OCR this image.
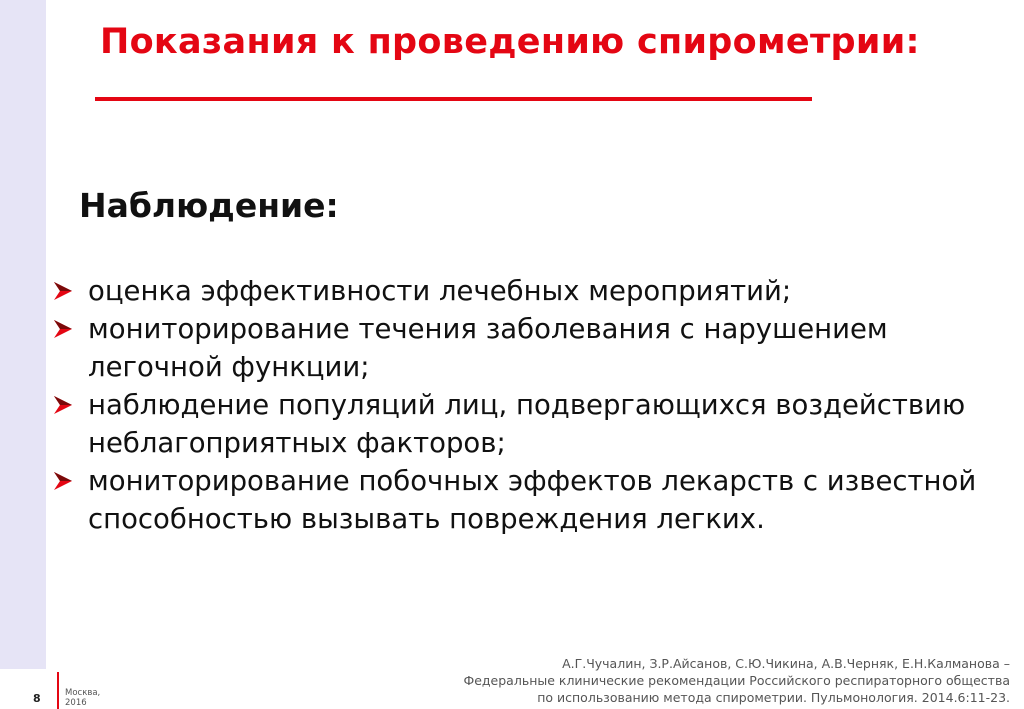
Показания к проведению спирометрии:
Наблюдение:
оценка эффективности лечебных мероприятий;
мониторирование течения заболевания с нарушением легочной функции;
наблюдение популяций лиц, подвергающихся воздействию неблагоприятных факторов;
мониторирование побочных эффектов лекарств с известной способностью вызывать повреждения легких.
А.Г.Чучалин, З.Р.Айсанов, С.Ю.Чикина, А.В.Черняк, Е.Н.Калманова –
Федеральные клинические рекомендации Российского респираторного общества
по использованию метода спирометрии. Пульмонология. 2014.6:11-23.
8	Москва,
2016
